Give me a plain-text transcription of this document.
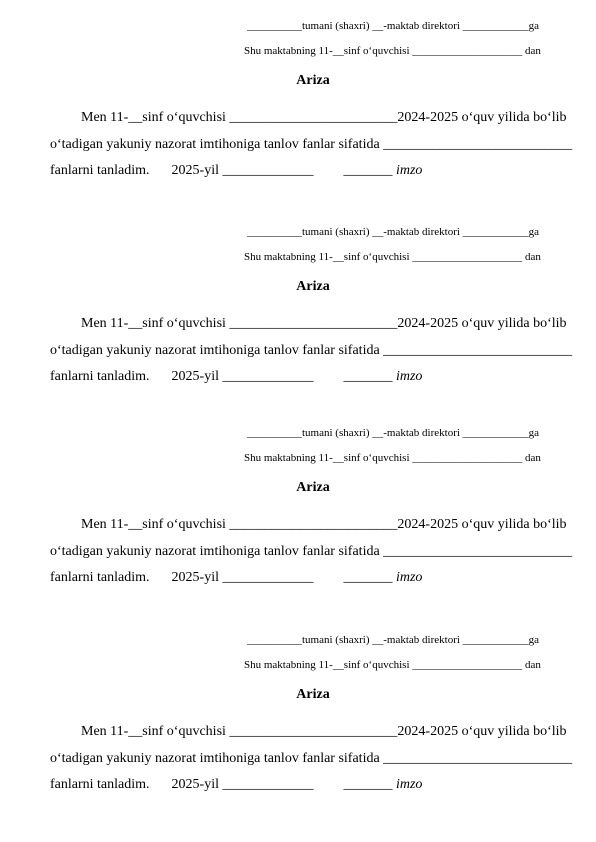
__________tumani (shaxri) __-maktab direktori ____________ga
Shu maktabning 11-__sinf o‘quvchisi ____________________ dan
Ariza
Men 11-__sinf o‘quvchisi ________________________2024-2025 o‘quv yilida bo‘lib
o‘tadigan yakuniy nazorat imtihoniga tanlov fanlar sifatida ___________________________
fanlarni tanladim. 2025-yil _____________ _______ imzo
__________tumani (shaxri) __-maktab direktori ____________ga
Shu maktabning 11-__sinf o‘quvchisi ____________________ dan
Ariza
Men 11-__sinf o‘quvchisi ________________________2024-2025 o‘quv yilida bo‘lib
o‘tadigan yakuniy nazorat imtihoniga tanlov fanlar sifatida ___________________________
fanlarni tanladim. 2025-yil _____________ _______ imzo
__________tumani (shaxri) __-maktab direktori ____________ga
Shu maktabning 11-__sinf o‘quvchisi ____________________ dan
Ariza
Men 11-__sinf o‘quvchisi ________________________2024-2025 o‘quv yilida bo‘lib
o‘tadigan yakuniy nazorat imtihoniga tanlov fanlar sifatida ___________________________
fanlarni tanladim. 2025-yil _____________ _______ imzo
__________tumani (shaxri) __-maktab direktori ____________ga
Shu maktabning 11-__sinf o‘quvchisi ____________________ dan
Ariza
Men 11-__sinf o‘quvchisi ________________________2024-2025 o‘quv yilida bo‘lib
o‘tadigan yakuniy nazorat imtihoniga tanlov fanlar sifatida ___________________________
fanlarni tanladim. 2025-yil _____________ _______ imzo
